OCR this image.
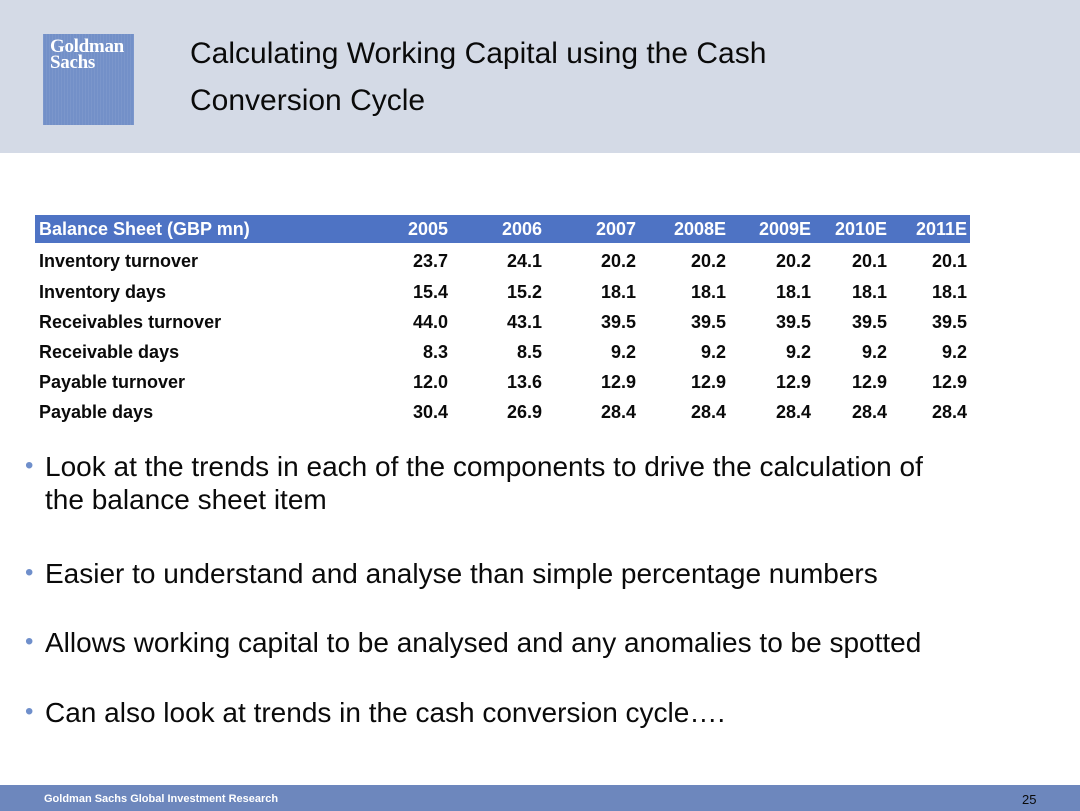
Goldman
Sachs	Calculating Working Capital using the Cash
Conversion Cycle
Balance Sheet (GBP mn)	2005	2006	2007	2008E	2009E	2010E	2011E
Inventory turnover	23.7	24.1	20.2	20.2	20.2	20.1	20.1
Inventory days	15.4	15.2	18.1	18.1	18.1	18.1	18.1
Receivables turnover	44.0	43.1	39.5	39.5	39.5	39.5	39.5
Receivable days	8.3	8.5	9.2	9.2	9.2	9.2	9.2
Payable turnover	12.0	13.6	12.9	12.9	12.9	12.9	12.9
Payable days	30.4	26.9	28.4	28.4	28.4	28.4	28.4
• Look at the trends in each of the components to drive the calculation of
the balance sheet item
• Easier to understand and analyse than simple percentage numbers
• Allows working capital to be analysed and any anomalies to be spotted
• Can also look at trends in the cash conversion cycle….
Goldman Sachs Global Investment Research	25
